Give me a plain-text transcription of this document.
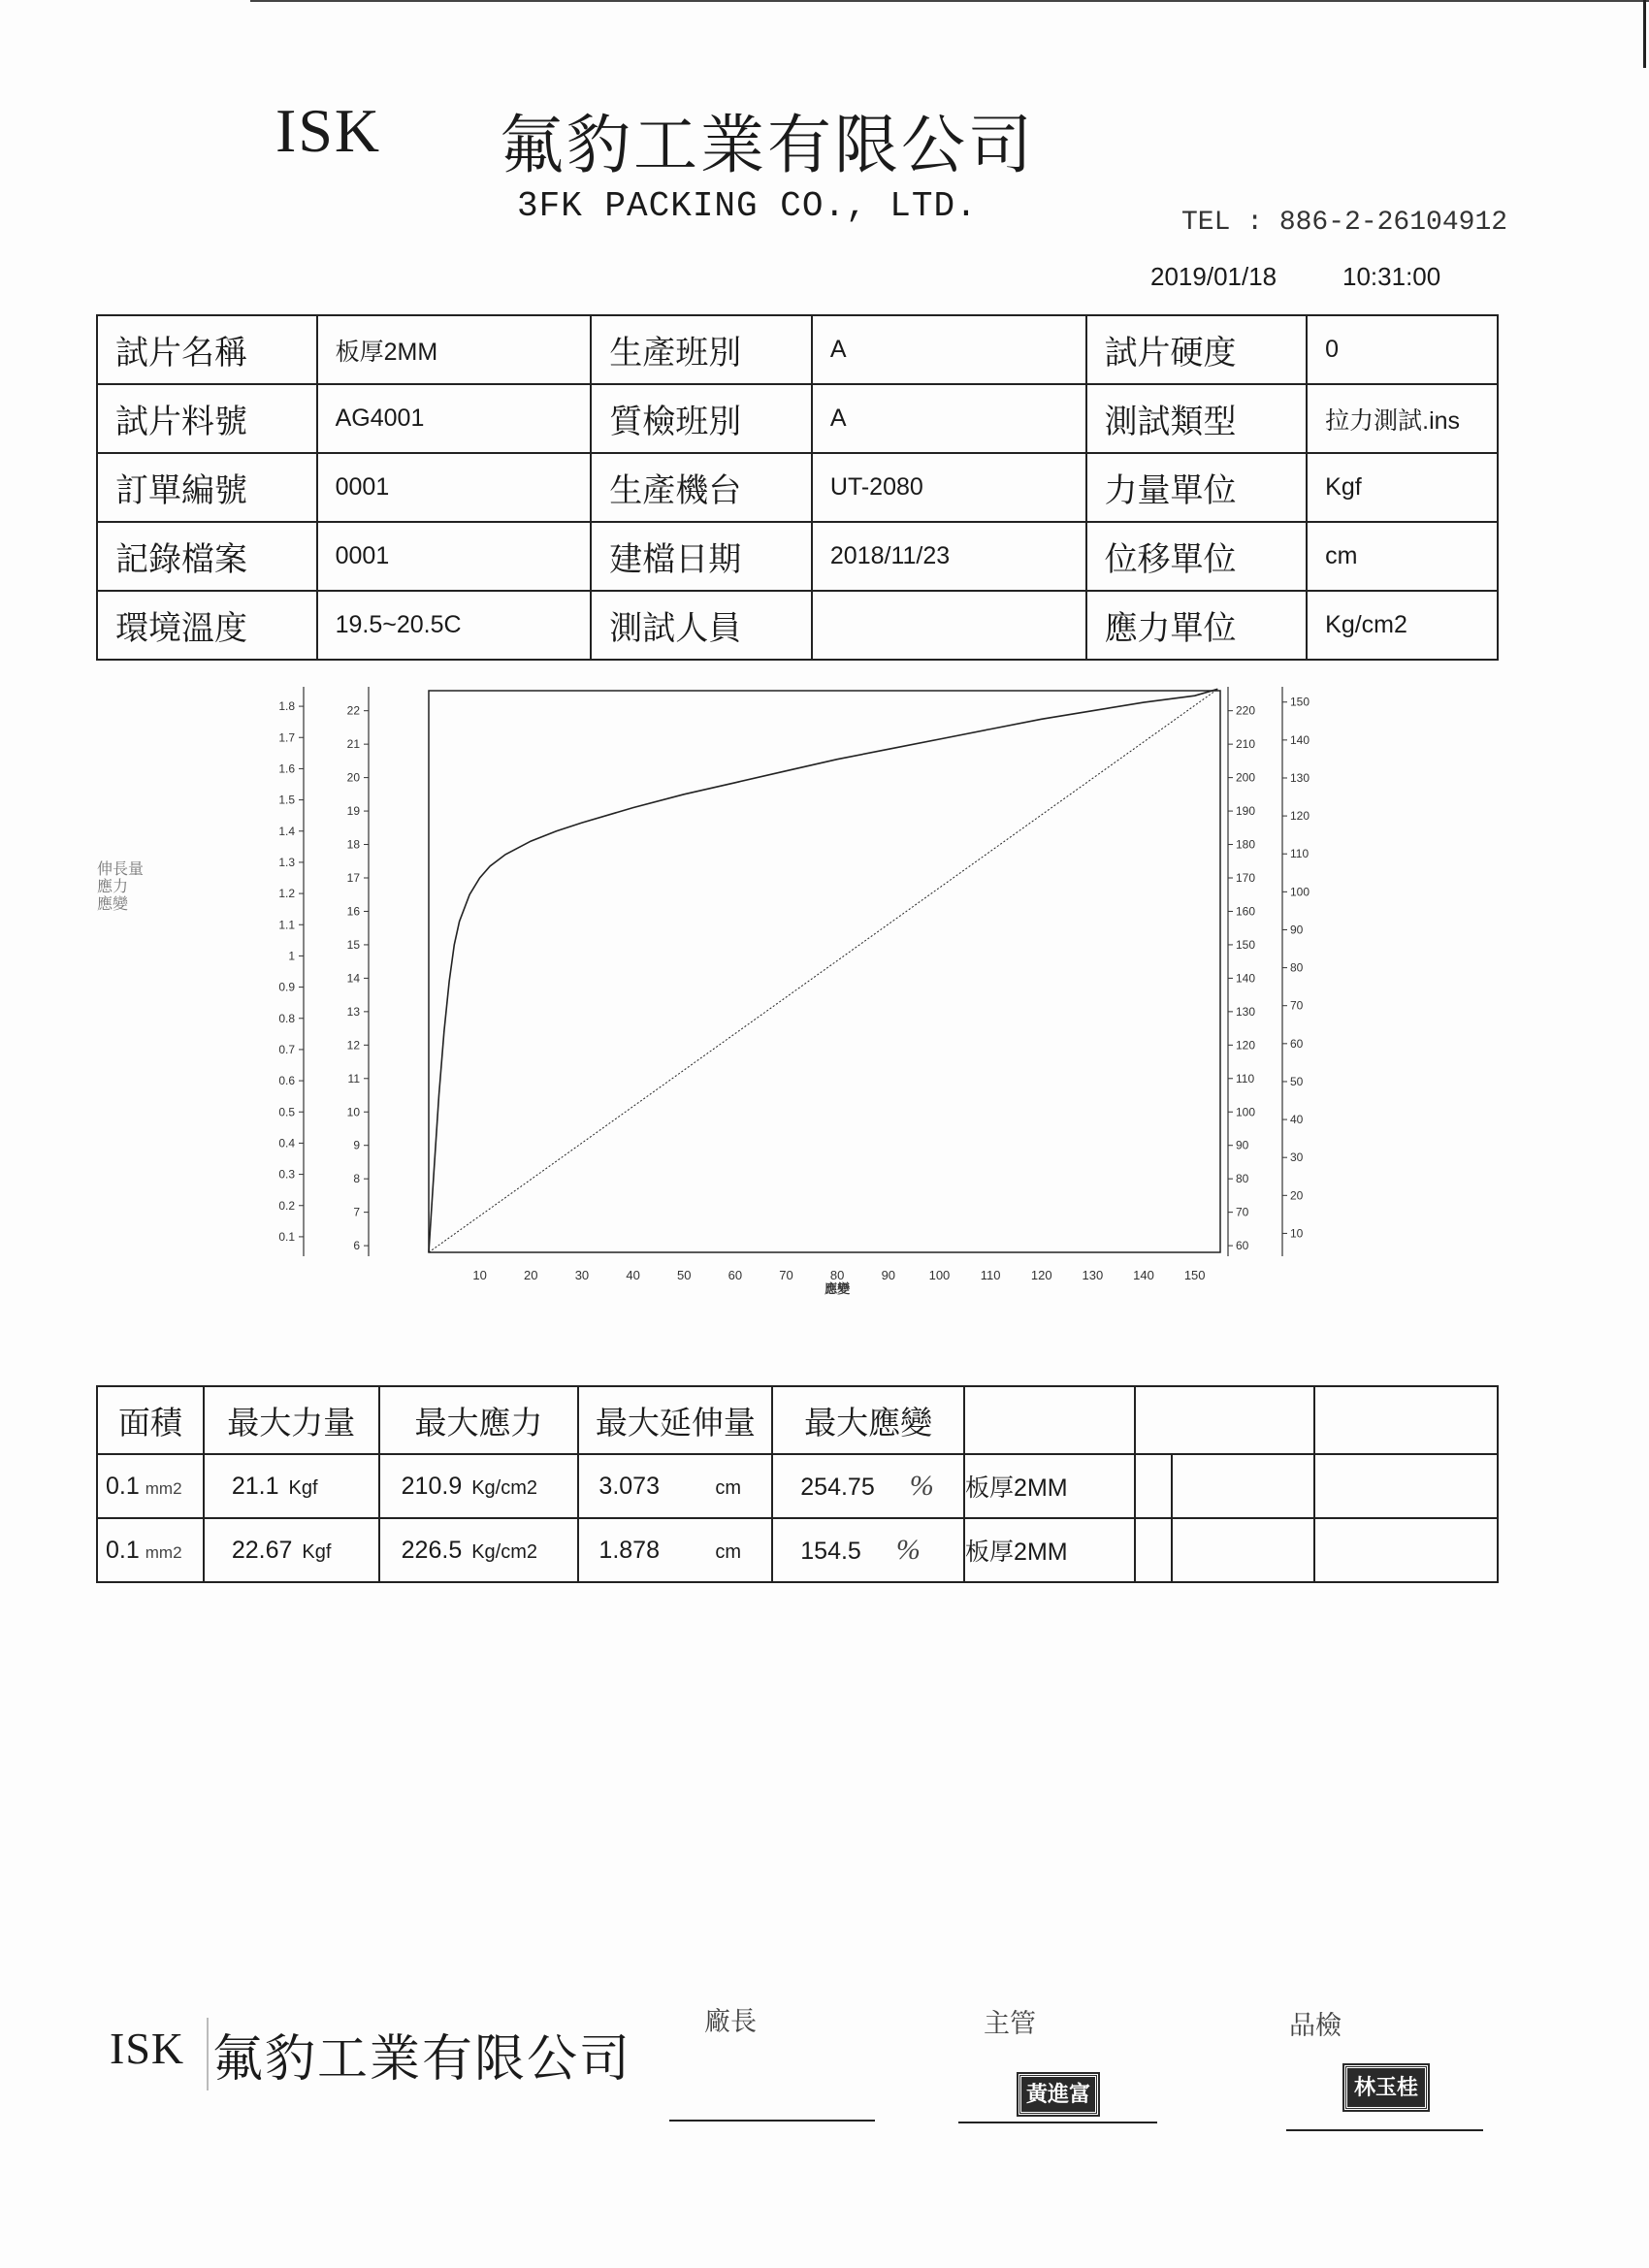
ISK 氟豹工業有限公司
3FK PACKING CO., LTD.	TEL : 886-2-26104912
2019/01/18	10:31:00
試片名稱	板厚2MM	生產班別	A	試片硬度	0
試片料號	AG4001	質檢班別	A	測試類型	拉力測試.ins
訂單編號	0001	生產機台	UT-2080	力量單位	Kgf
記錄檔案	0001	建檔日期	2018/11/23	位移單位	cm
環境溫度	19.5~20.5C	測試人員		應力單位	Kg/cm2
伸長量
應力
應變
10	20	30	40	50	60	70	80	90	100 110 120 130 140 150
應變
0.1
0.2
0.3
0.4
0.5
0.6
0.7
0.8
0.9
1
1.1
1.2
1.3
1.4
1.5
1.6
1.7
1.8
6
7
8
9
10
11
12
13
14
15
16
17
18
19
20
21
22
60
70
80
90
100
110
120
130
140
150
160
170
180
190
200
210
220
10
20
30
40
50
60
70
80
90
100
110
120
130
140
150
面積	最大力量	最大應力	最大延伸量	最大應變				
0.1 mm2	21.1 Kgf	210.9 Kg/cm2	3.073 cm	254.75 %	板厚2MM			
0.1 mm2	22.67 Kgf	226.5 Kg/cm2	1.878 cm	154.5 %	板厚2MM			
ISK 氟豹工業有限公司
廠長	主管	品檢
黃進富	林玉桂
